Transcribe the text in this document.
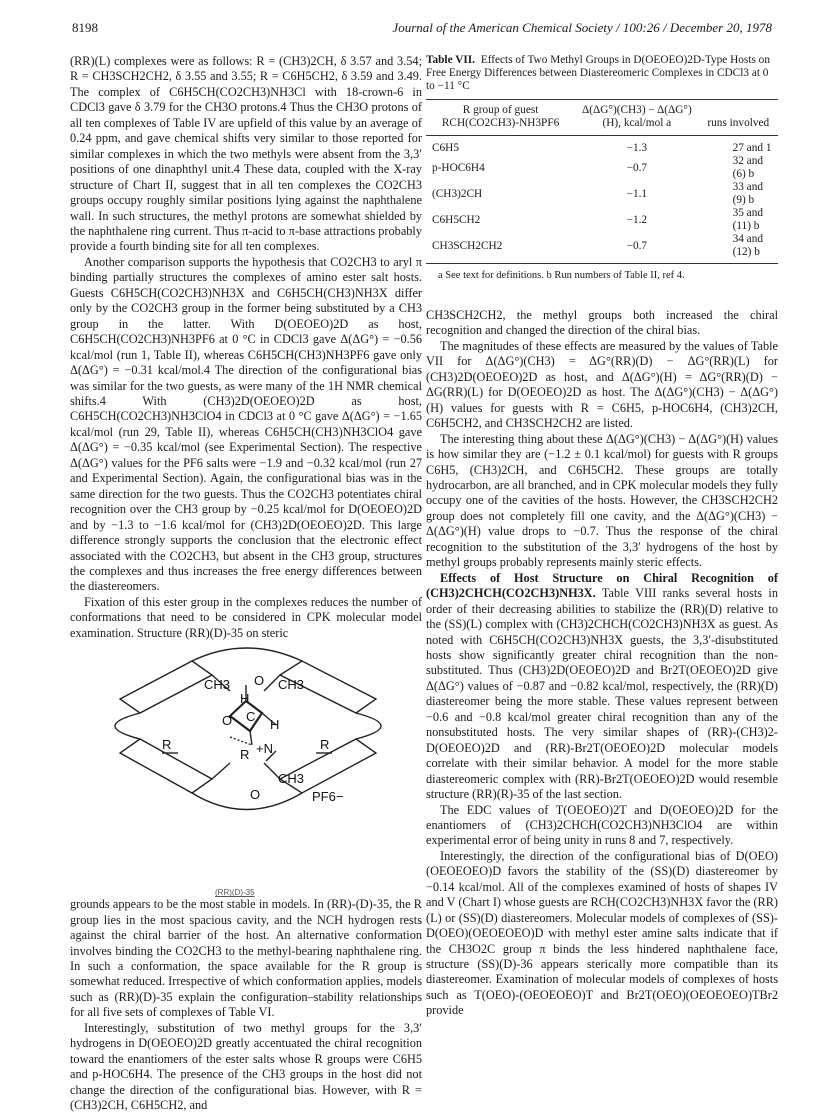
8198	Journal of the American Chemical Society / 100:26 / December 20, 1978

(RR)(L) complexes were as follows: R = (CH3)2CH, δ 3.57 and 3.54; R = CH3SCH2CH2, δ 3.55 and 3.55; R = C6H5CH2, δ 3.59 and 3.49. The complex of C6H5CH(CO2CH3)NH3Cl with 18-crown-6 in CDCl3 gave δ 3.79 for the CH3O protons.4 Thus the CH3O protons of all ten complexes of Table IV are upfield of this value by an average of 0.24 ppm, and gave chemical shifts very similar to those reported for similar complexes in which the two methyls were absent from the 3,3′ positions of one dinaphthyl unit.4 These data, coupled with the X-ray structure of Chart II, suggest that in all ten complexes the CO2CH3 groups occupy roughly similar positions lying against the naphthalene wall. In such structures, the methyl protons are somewhat shielded by the naphthalene ring current. Thus π-acid to π-base attractions probably provide a fourth binding site for all ten complexes.

Another comparison supports the hypothesis that CO2CH3 to aryl π binding partially structures the complexes of amino ester salt hosts. Guests C6H5CH(CO2CH3)NH3X and C6H5CH(CH3)NH3X differ only by the CO2CH3 group in the former being substituted by a CH3 group in the latter. With D(OEOEO)2D as host, C6H5CH(CO2CH3)NH3PF6 at 0 °C in CDCl3 gave Δ(ΔG°) = −0.56 kcal/mol (run 1, Table II), whereas C6H5CH(CH3)NH3PF6 gave only Δ(ΔG°) = −0.31 kcal/mol.4 The direction of the configurational bias was similar for the two guests, as were many of the 1H NMR chemical shifts.4 With (CH3)2D(OEOEO)2D as host, C6H5CH(CO2CH3)NH3ClO4 in CDCl3 at 0 °C gave Δ(ΔG°) = −1.65 kcal/mol (run 29, Table II), whereas C6H5CH(CH3)NH3ClO4 gave Δ(ΔG°) = −0.35 kcal/mol (see Experimental Section). The respective Δ(ΔG°) values for the PF6 salts were −1.9 and −0.32 kcal/mol (run 27 and Experimental Section). Again, the configurational bias was in the same direction for the two guests. Thus the CO2CH3 potentiates chiral recognition over the CH3 group by −0.25 kcal/mol for D(OEOEO)2D and by −1.3 to −1.6 kcal/mol for (CH3)2D(OEOEO)2D. This large difference strongly supports the conclusion that the electronic effect associated with the CO2CH3, but absent in the CH3 group, structures the complexes and thus increases the free energy differences between the diastereomers.

Fixation of this ester group in the complexes reduces the number of conformations that need to be considered in CPK molecular model examination. Structure (RR)(D)-35 on steric

CH3	CH3
CH3
O
O
O
H
H
R	R
R
C
+N
PF6−
(RR)(D)-35

grounds appears to be the most stable in models. In (RR)-(D)-35, the R group lies in the most spacious cavity, and the NCH hydrogen rests against the chiral barrier of the host. An alternative conformation involves binding the CO2CH3 to the methyl-bearing naphthalene ring. In such a conformation, the space available for the R group is somewhat reduced. Irrespective of which conformation applies, models such as (RR)(D)-35 explain the configuration–stability relationships for all five sets of complexes of Table VI.

Interestingly, substitution of two methyl groups for the 3,3′ hydrogens in D(OEOEO)2D greatly accentuated the chiral recognition toward the enantiomers of the ester salts whose R groups were C6H5 and p-HOC6H4. The presence of the CH3 groups in the host did not change the direction of the configurational bias. However, with R = (CH3)2CH, C6H5CH2, and

Table VII. Effects of Two Methyl Groups in D(OEOEO)2D-Type Hosts on Free Energy Differences between Diastereomeric Complexes in CDCl3 at 0 to −11 °C
R group of guest RCH(CO2CH3)-NH3PF6	Δ(ΔG°)(CH3) − Δ(ΔG°)(H), kcal/mol a	runs involved

C6H5	−1.3	27 and 1
p-HOC6H4	−0.7	32 and (6) b
(CH3)2CH	−1.1	33 and (9) b
C6H5CH2	−1.2	35 and (11) b
CH3SCH2CH2	−0.7	34 and (12) b
a See text for definitions. b Run numbers of Table II, ref 4.

CH3SCH2CH2, the methyl groups both increased the chiral recognition and changed the direction of the chiral bias.

The magnitudes of these effects are measured by the values of Table VII for Δ(ΔG°)(CH3) = ΔG°(RR)(D) − ΔG°(RR)(L) for (CH3)2D(OEOEO)2D as host, and Δ(ΔG°)(H) = ΔG°(RR)(D) − ΔG(RR)(L) for D(OEOEO)2D as host. The Δ(ΔG°)(CH3) − Δ(ΔG°)(H) values for guests with R = C6H5, p-HOC6H4, (CH3)2CH, C6H5CH2, and CH3SCH2CH2 are listed.

The interesting thing about these Δ(ΔG°)(CH3) − Δ(ΔG°)(H) values is how similar they are (−1.2 ± 0.1 kcal/mol) for guests with R groups C6H5, (CH3)2CH, and C6H5CH2. These groups are totally hydrocarbon, are all branched, and in CPK molecular models they fully occupy one of the cavities of the hosts. However, the CH3SCH2CH2 group does not completely fill one cavity, and the Δ(ΔG°)(CH3) − Δ(ΔG°)(H) value drops to −0.7. Thus the response of the chiral recognition to the substitution of the 3,3′ hydrogens of the host by methyl groups probably represents mainly steric effects.

Effects of Host Structure on Chiral Recognition of (CH3)2CHCH(CO2CH3)NH3X. Table VIII ranks several hosts in order of their decreasing abilities to stabilize the (RR)(D) relative to the (SS)(L) complex with (CH3)2CHCH(CO2CH3)NH3X as guest. As noted with C6H5CH(CO2CH3)NH3X guests, the 3,3′-disubstituted hosts show significantly greater chiral recognition than the non-substituted. Thus (CH3)2D(OEOEO)2D and Br2T(OEOEO)2D give Δ(ΔG°) values of −0.87 and −0.82 kcal/mol, respectively, the (RR)(D) diastereomer being the more stable. These values represent between −0.6 and −0.8 kcal/mol greater chiral recognition than any of the nonsubstituted hosts. The very similar shapes of (RR)-(CH3)2-D(OEOEO)2D and (RR)-Br2T(OEOEO)2D molecular models correlate with their similar behavior. A model for the more stable diastereomeric complex with (RR)-Br2T(OEOEO)2D would resemble structure (RR)(R)-35 of the last section.

The EDC values of T(OEOEO)2T and D(OEOEO)2D for the enantiomers of (CH3)2CHCH(CO2CH3)NH3ClO4 are within experimental error of being unity in runs 8 and 7, respectively.

Interestingly, the direction of the configurational bias of D(OEO)(OEOEOEO)D favors the stability of the (SS)(D) diastereomer by −0.14 kcal/mol. All of the complexes examined of hosts of shapes IV and V (Chart I) whose guests are RCH(CO2CH3)NH3X favor the (RR)(L) or (SS)(D) diastereomers. Molecular models of complexes of (SS)-D(OEO)(OEOEOEO)D with methyl ester amine salts indicate that if the CH3O2C group π binds the less hindered naphthalene face, structure (SS)(D)-36 appears sterically more compatible than its diastereomer. Examination of molecular models of complexes of hosts such as T(OEO)-(OEOEOEO)T and Br2T(OEO)(OEOEOEO)TBr2 provide
